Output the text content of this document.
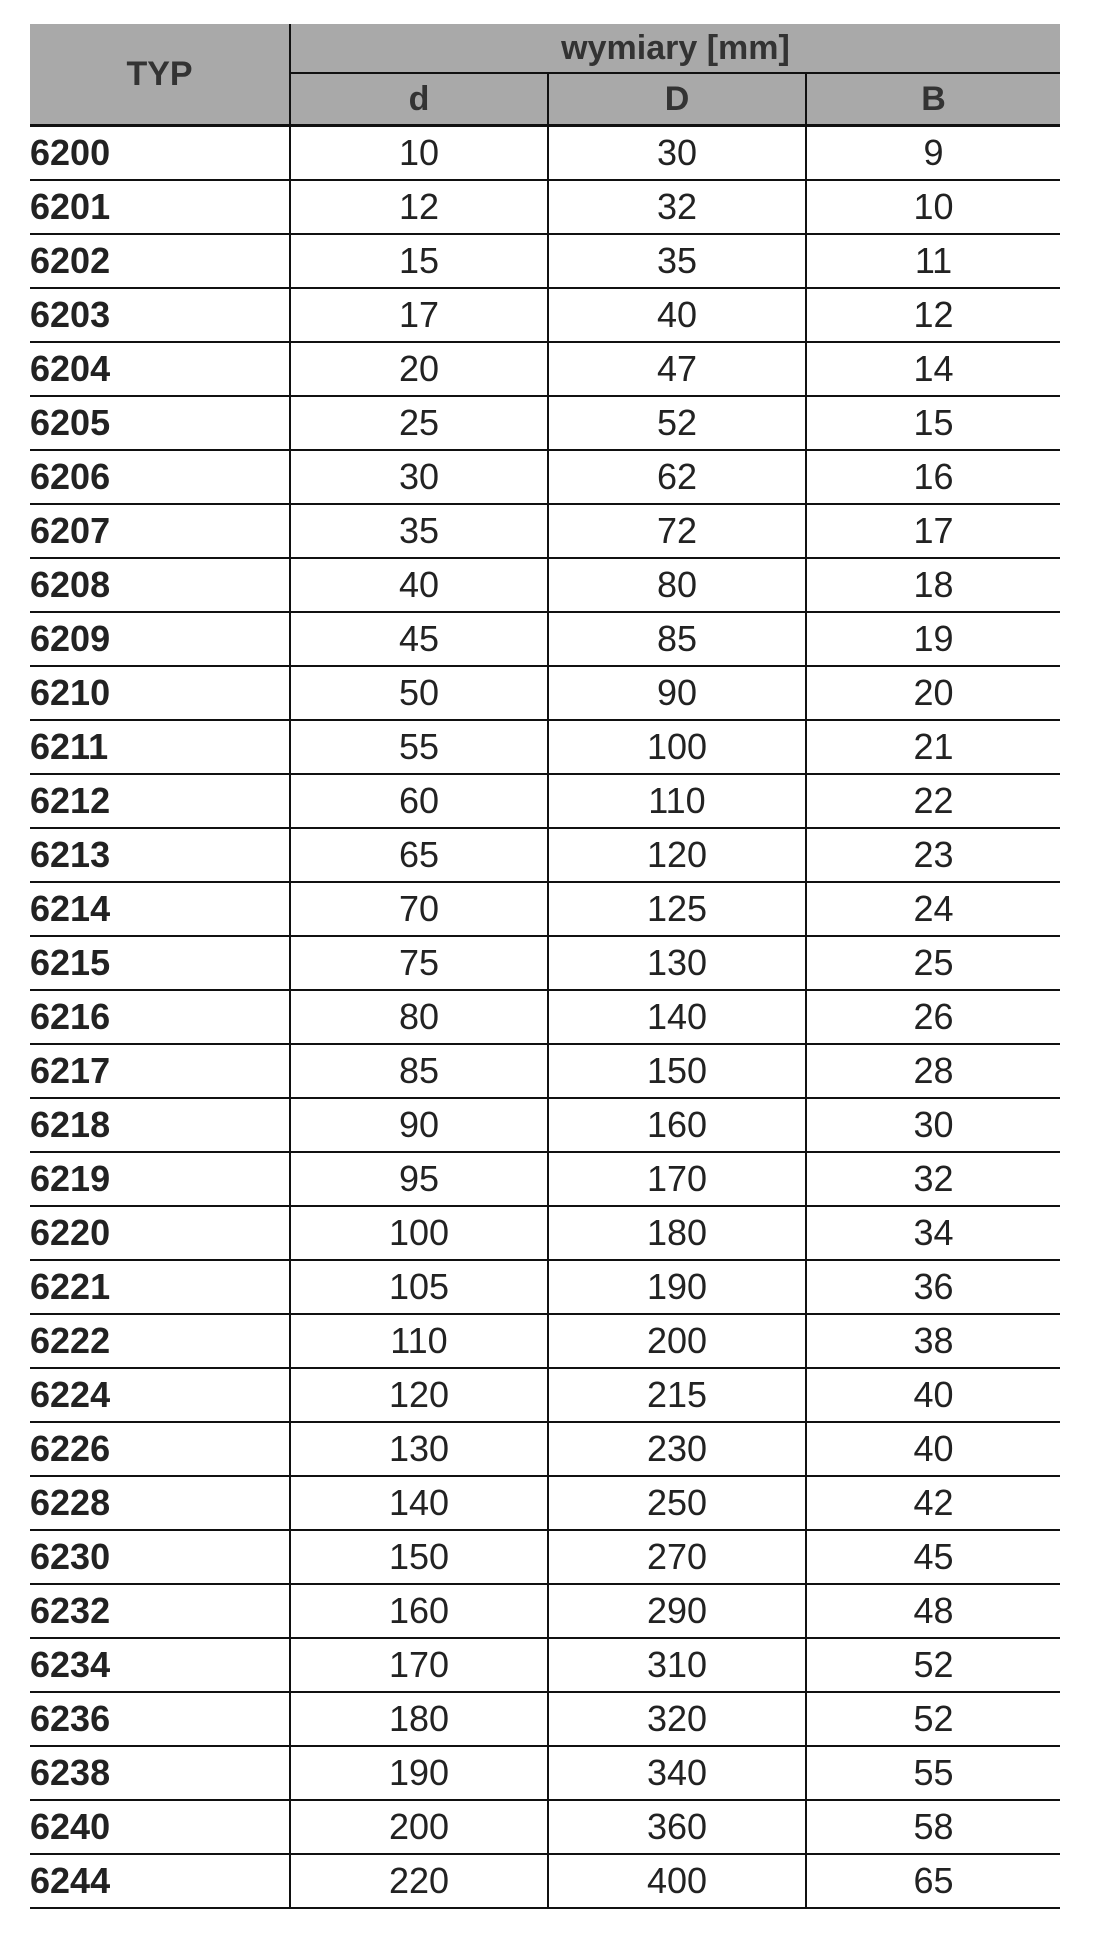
TYP	wymiary [mm]		
	d	D	B
6200	10	30	9
6201	12	32	10
6202	15	35	11
6203	17	40	12
6204	20	47	14
6205	25	52	15
6206	30	62	16
6207	35	72	17
6208	40	80	18
6209	45	85	19
6210	50	90	20
6211	55	100	21
6212	60	110	22
6213	65	120	23
6214	70	125	24
6215	75	130	25
6216	80	140	26
6217	85	150	28
6218	90	160	30
6219	95	170	32
6220	100	180	34
6221	105	190	36
6222	110	200	38
6224	120	215	40
6226	130	230	40
6228	140	250	42
6230	150	270	45
6232	160	290	48
6234	170	310	52
6236	180	320	52
6238	190	340	55
6240	200	360	58
6244	220	400	65
